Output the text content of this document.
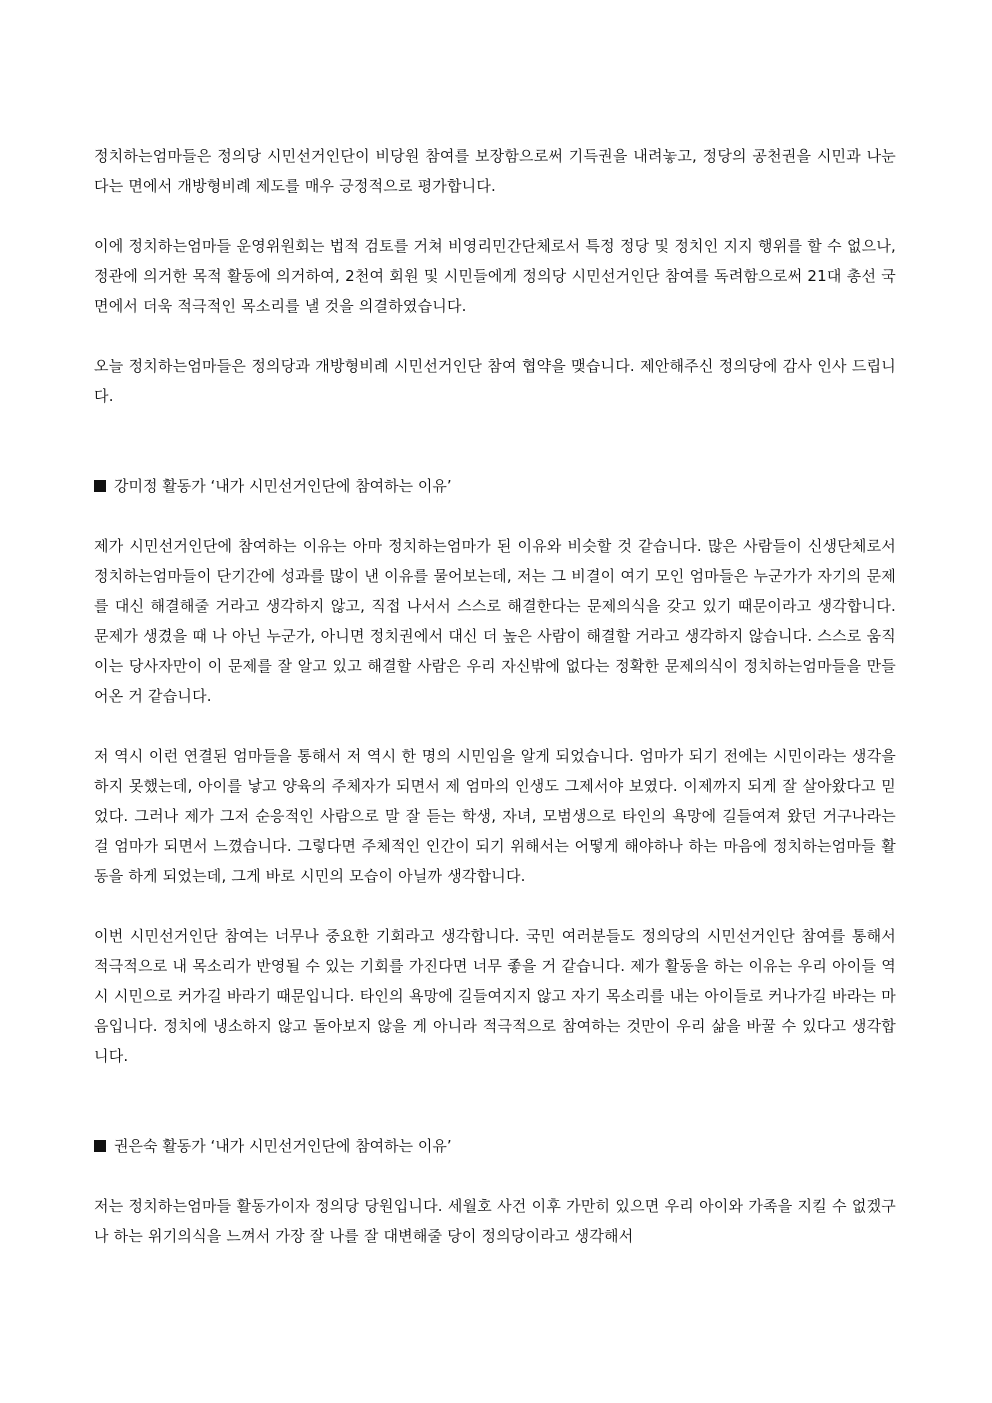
정치하는엄마들은 정의당 시민선거인단이 비당원 참여를 보장함으로써 기득권을 내려놓고, 정당의 공천권을 시민과 나눈다는 면에서 개방형비례 제도를 매우 긍정적으로 평가합니다.

이에 정치하는엄마들 운영위원회는 법적 검토를 거쳐 비영리민간단체로서 특정 정당 및 정치인 지지 행위를 할 수 없으나, 정관에 의거한 목적 활동에 의거하여, 2천여 회원 및 시민들에게 정의당 시민선거인단 참여를 독려함으로써 21대 총선 국면에서 더욱 적극적인 목소리를 낼 것을 의결하였습니다.

오늘 정치하는엄마들은 정의당과 개방형비례 시민선거인단 참여 협약을 맺습니다. 제안해주신 정의당에 감사 인사 드립니다.

강미정 활동가 ‘내가 시민선거인단에 참여하는 이유’

제가 시민선거인단에 참여하는 이유는 아마 정치하는엄마가 된 이유와 비슷할 것 같습니다. 많은 사람들이 신생단체로서 정치하는엄마들이 단기간에 성과를 많이 낸 이유를 물어보는데, 저는 그 비결이 여기 모인 엄마들은 누군가가 자기의 문제를 대신 해결해줄 거라고 생각하지 않고, 직접 나서서 스스로 해결한다는 문제의식을 갖고 있기 때문이라고 생각합니다. 문제가 생겼을 때 나 아닌 누군가, 아니면 정치권에서 대신 더 높은 사람이 해결할 거라고 생각하지 않습니다. 스스로 움직이는 당사자만이 이 문제를 잘 알고 있고 해결할 사람은 우리 자신밖에 없다는 정확한 문제의식이 정치하는엄마들을 만들어온 거 같습니다.

저 역시 이런 연결된 엄마들을 통해서 저 역시 한 명의 시민임을 알게 되었습니다. 엄마가 되기 전에는 시민이라는 생각을 하지 못했는데, 아이를 낳고 양육의 주체자가 되면서 제 엄마의 인생도 그제서야 보였다. 이제까지 되게 잘 살아왔다고 믿었다. 그러나 제가 그저 순응적인 사람으로 말 잘 듣는 학생, 자녀, 모범생으로 타인의 욕망에 길들여져 왔던 거구나라는 걸 엄마가 되면서 느꼈습니다. 그렇다면 주체적인 인간이 되기 위해서는 어떻게 해야하나 하는 마음에 정치하는엄마들 활동을 하게 되었는데, 그게 바로 시민의 모습이 아닐까 생각합니다.

이번 시민선거인단 참여는 너무나 중요한 기회라고 생각합니다. 국민 여러분들도 정의당의 시민선거인단 참여를 통해서 적극적으로 내 목소리가 반영될 수 있는 기회를 가진다면 너무 좋을 거 같습니다. 제가 활동을 하는 이유는 우리 아이들 역시 시민으로 커가길 바라기 때문입니다. 타인의 욕망에 길들여지지 않고 자기 목소리를 내는 아이들로 커나가길 바라는 마음입니다. 정치에 냉소하지 않고 돌아보지 않을 게 아니라 적극적으로 참여하는 것만이 우리 삶을 바꿀 수 있다고 생각합니다.

권은숙 활동가 ‘내가 시민선거인단에 참여하는 이유’

저는 정치하는엄마들 활동가이자 정의당 당원입니다. 세월호 사건 이후 가만히 있으면 우리 아이와 가족을 지킬 수 없겠구나 하는 위기의식을 느껴서 가장 잘 나를 잘 대변해줄 당이 정의당이라고 생각해서
